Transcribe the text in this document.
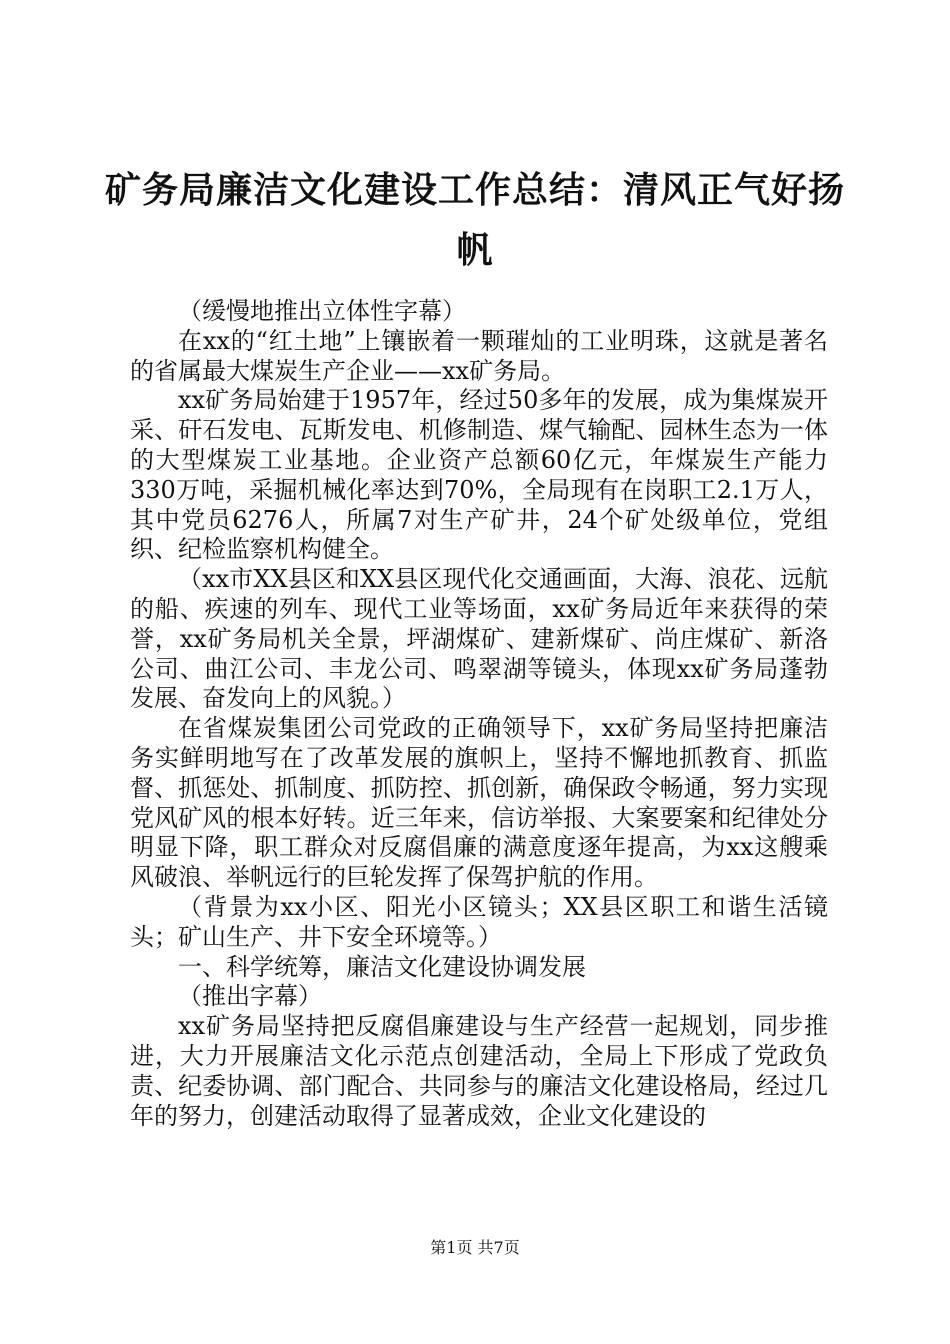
矿务局廉洁文化建设工作总结：清风正气好扬帆

（缓慢地推出立体性字幕）

在xx的“红土地”上镶嵌着一颗璀灿的工业明珠，这就是著名的省属最大煤炭生产企业——xx矿务局。

xx矿务局始建于1957年，经过50多年的发展，成为集煤炭开采、矸石发电、瓦斯发电、机修制造、煤气输配、园林生态为一体的大型煤炭工业基地。企业资产总额60亿元，年煤炭生产能力330万吨，采掘机械化率达到70%，全局现有在岗职工2.1万人，其中党员6276人，所属7对生产矿井，24个矿处级单位，党组织、纪检监察机构健全。

（xx市XX县区和XX县区现代化交通画面，大海、浪花、远航的船、疾速的列车、现代工业等场面，xx矿务局近年来获得的荣誉，xx矿务局机关全景，坪湖煤矿、建新煤矿、尚庄煤矿、新洛公司、曲江公司、丰龙公司、鸣翠湖等镜头，体现xx矿务局蓬勃发展、奋发向上的风貌。）

在省煤炭集团公司党政的正确领导下，xx矿务局坚持把廉洁务实鲜明地写在了改革发展的旗帜上，坚持不懈地抓教育、抓监督、抓惩处、抓制度、抓防控、抓创新，确保政令畅通，努力实现党风矿风的根本好转。近三年来，信访举报、大案要案和纪律处分明显下降，职工群众对反腐倡廉的满意度逐年提高，为xx这艘乘风破浪、举帆远行的巨轮发挥了保驾护航的作用。

（背景为xx小区、阳光小区镜头；XX县区职工和谐生活镜头；矿山生产、井下安全环境等。）

一、科学统筹，廉洁文化建设协调发展

（推出字幕）

xx矿务局坚持把反腐倡廉建设与生产经营一起规划，同步推进，大力开展廉洁文化示范点创建活动，全局上下形成了党政负责、纪委协调、部门配合、共同参与的廉洁文化建设格局，经过几年的努力，创建活动取得了显著成效，企业文化建设的

第1页 共7页
